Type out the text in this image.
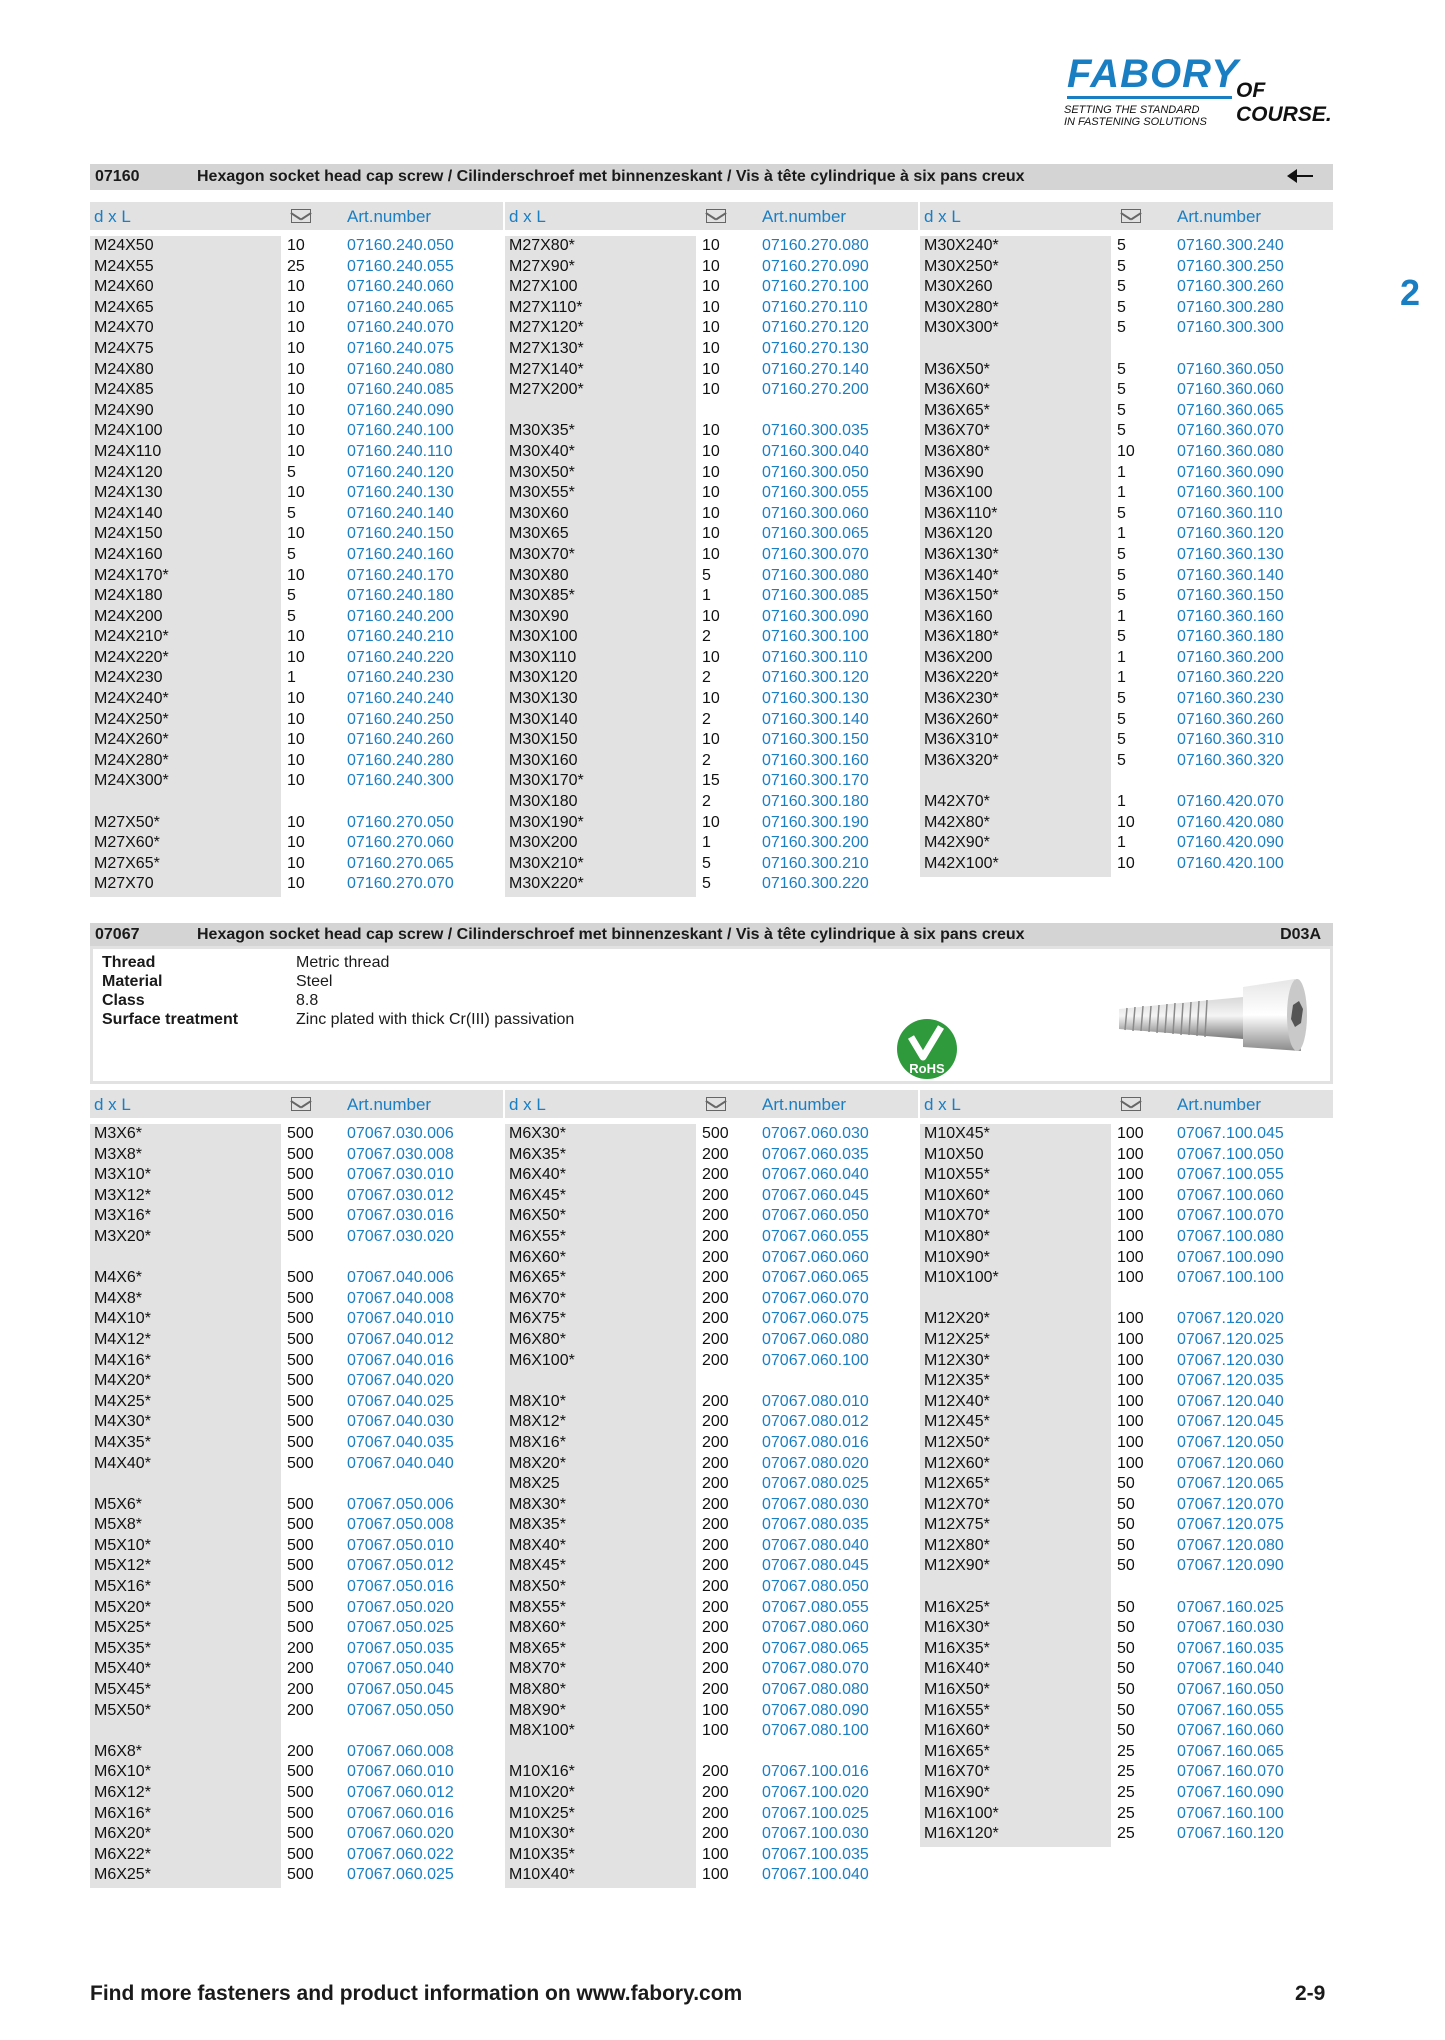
FABORY
OF COURSE.
SETTING THE STANDARD
IN FASTENING SOLUTIONS
2
07160	Hexagon socket head cap screw / Cilinderschroef met binnenzeskant / Vis à tête cylindrique à six pans creux
d x L	Art.number
M24X50	10	07160.240.050
M24X55	25	07160.240.055
M24X60	10	07160.240.060
M24X65	10	07160.240.065
M24X70	10	07160.240.070
M24X75	10	07160.240.075
M24X80	10	07160.240.080
M24X85	10	07160.240.085
M24X90	10	07160.240.090
M24X100	10	07160.240.100
M24X110	10	07160.240.110
M24X120	5	07160.240.120
M24X130	10	07160.240.130
M24X140	5	07160.240.140
M24X150	10	07160.240.150
M24X160	5	07160.240.160
M24X170*	10	07160.240.170
M24X180	5	07160.240.180
M24X200	5	07160.240.200
M24X210*	10	07160.240.210
M24X220*	10	07160.240.220
M24X230	1	07160.240.230
M24X240*	10	07160.240.240
M24X250*	10	07160.240.250
M24X260*	10	07160.240.260
M24X280*	10	07160.240.280
M24X300*	10	07160.240.300
M27X50*	10	07160.270.050
M27X60*	10	07160.270.060
M27X65*	10	07160.270.065
M27X70	10	07160.270.070
d x L	Art.number
M27X80*	10	07160.270.080
M27X90*	10	07160.270.090
M27X100	10	07160.270.100
M27X110*	10	07160.270.110
M27X120*	10	07160.270.120
M27X130*	10	07160.270.130
M27X140*	10	07160.270.140
M27X200*	10	07160.270.200
M30X35*	10	07160.300.035
M30X40*	10	07160.300.040
M30X50*	10	07160.300.050
M30X55*	10	07160.300.055
M30X60	10	07160.300.060
M30X65	10	07160.300.065
M30X70*	10	07160.300.070
M30X80	5	07160.300.080
M30X85*	1	07160.300.085
M30X90	10	07160.300.090
M30X100	2	07160.300.100
M30X110	10	07160.300.110
M30X120	2	07160.300.120
M30X130	10	07160.300.130
M30X140	2	07160.300.140
M30X150	10	07160.300.150
M30X160	2	07160.300.160
M30X170*	15	07160.300.170
M30X180	2	07160.300.180
M30X190*	10	07160.300.190
M30X200	1	07160.300.200
M30X210*	5	07160.300.210
M30X220*	5	07160.300.220
d x L	Art.number
M30X240*	5	07160.300.240
M30X250*	5	07160.300.250
M30X260	5	07160.300.260
M30X280*	5	07160.300.280
M30X300*	5	07160.300.300
M36X50*	5	07160.360.050
M36X60*	5	07160.360.060
M36X65*	5	07160.360.065
M36X70*	5	07160.360.070
M36X80*	10	07160.360.080
M36X90	1	07160.360.090
M36X100	1	07160.360.100
M36X110*	5	07160.360.110
M36X120	1	07160.360.120
M36X130*	5	07160.360.130
M36X140*	5	07160.360.140
M36X150*	5	07160.360.150
M36X160	1	07160.360.160
M36X180*	5	07160.360.180
M36X200	1	07160.360.200
M36X220*	1	07160.360.220
M36X230*	5	07160.360.230
M36X260*	5	07160.360.260
M36X310*	5	07160.360.310
M36X320*	5	07160.360.320
M42X70*	1	07160.420.070
M42X80*	10	07160.420.080
M42X90*	1	07160.420.090
M42X100*	10	07160.420.100
07067	Hexagon socket head cap screw / Cilinderschroef met binnenzeskant / Vis à tête cylindrique à six pans creux	D03A
Thread	Metric thread
Material	Steel
Class	8.8
Surface treatment	Zinc plated with thick Cr(III) passivation
RoHS
d x L	Art.number
M3X6*	500 07067.030.006
M3X8*	500 07067.030.008
M3X10*	500 07067.030.010
M3X12*	500 07067.030.012
M3X16*	500 07067.030.016
M3X20*	500 07067.030.020
M4X6*	500 07067.040.006
M4X8*	500 07067.040.008
M4X10*	500 07067.040.010
M4X12*	500 07067.040.012
M4X16*	500 07067.040.016
M4X20*	500 07067.040.020
M4X25*	500 07067.040.025
M4X30*	500 07067.040.030
M4X35*	500 07067.040.035
M4X40*	500 07067.040.040
M5X6*	500 07067.050.006
M5X8*	500 07067.050.008
M5X10*	500 07067.050.010
M5X12*	500 07067.050.012
M5X16*	500 07067.050.016
M5X20*	500 07067.050.020
M5X25*	500 07067.050.025
M5X35*	200 07067.050.035
M5X40*	200 07067.050.040
M5X45*	200 07067.050.045
M5X50*	200 07067.050.050
M6X8*	200 07067.060.008
M6X10*	500 07067.060.010
M6X12*	500 07067.060.012
M6X16*	500 07067.060.016
M6X20*	500 07067.060.020
M6X22*	500 07067.060.022
M6X25*	500 07067.060.025
d x L	Art.number
M6X30*	500 07067.060.030
M6X35*	200 07067.060.035
M6X40*	200 07067.060.040
M6X45*	200 07067.060.045
M6X50*	200 07067.060.050
M6X55*	200 07067.060.055
M6X60*	200 07067.060.060
M6X65*	200 07067.060.065
M6X70*	200 07067.060.070
M6X75*	200 07067.060.075
M6X80*	200 07067.060.080
M6X100*	200 07067.060.100
M8X10*	200 07067.080.010
M8X12*	200 07067.080.012
M8X16*	200 07067.080.016
M8X20*	200 07067.080.020
M8X25	200 07067.080.025
M8X30*	200 07067.080.030
M8X35*	200 07067.080.035
M8X40*	200 07067.080.040
M8X45*	200 07067.080.045
M8X50*	200 07067.080.050
M8X55*	200 07067.080.055
M8X60*	200 07067.080.060
M8X65*	200 07067.080.065
M8X70*	200 07067.080.070
M8X80*	200 07067.080.080
M8X90*	100 07067.080.090
M8X100*	100 07067.080.100
M10X16*	200 07067.100.016
M10X20*	200 07067.100.020
M10X25*	200 07067.100.025
M10X30*	200 07067.100.030
M10X35*	100 07067.100.035
M10X40*	100 07067.100.040
d x L	Art.number
M10X45*	100 07067.100.045
M10X50	100 07067.100.050
M10X55*	100 07067.100.055
M10X60*	100 07067.100.060
M10X70*	100 07067.100.070
M10X80*	100 07067.100.080
M10X90*	100 07067.100.090
M10X100*	100 07067.100.100
M12X20*	100 07067.120.020
M12X25*	100 07067.120.025
M12X30*	100 07067.120.030
M12X35*	100 07067.120.035
M12X40*	100 07067.120.040
M12X45*	100 07067.120.045
M12X50*	100 07067.120.050
M12X60*	100 07067.120.060
M12X65*	50	07067.120.065
M12X70*	50	07067.120.070
M12X75*	50	07067.120.075
M12X80*	50	07067.120.080
M12X90*	50	07067.120.090
M16X25*	50	07067.160.025
M16X30*	50	07067.160.030
M16X35*	50	07067.160.035
M16X40*	50	07067.160.040
M16X50*	50	07067.160.050
M16X55*	50	07067.160.055
M16X60*	50	07067.160.060
M16X65*	25	07067.160.065
M16X70*	25	07067.160.070
M16X90*	25	07067.160.090
M16X100*	25	07067.160.100
M16X120*	25	07067.160.120
Find more fasteners and product information on www.fabory.com	2-9
